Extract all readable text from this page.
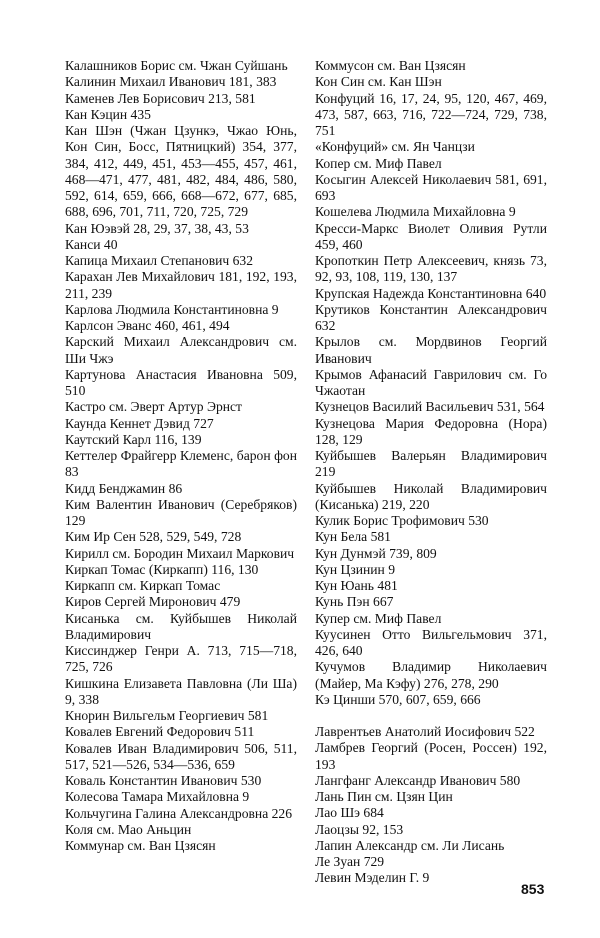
Калашников Борис см. Чжан Суйшань
Калинин Михаил Иванович 181, 383
Каменев Лев Борисович 213, 581
Кан Кэцин 435
Кан Шэн (Чжан Цзункэ, Чжао Юнь, Кон Син, Босс, Пятницкий) 354, 377, 384, 412, 449, 451, 453—455, 457, 461, 468—471, 477, 481, 482, 484, 486, 580, 592, 614, 659, 666, 668—672, 677, 685, 688, 696, 701, 711, 720, 725, 729
Кан Юэвэй 28, 29, 37, 38, 43, 53
Канси 40
Капица Михаил Степанович 632
Карахан Лев Михайлович 181, 192, 193, 211, 239
Карлова Людмила Константиновна 9
Карлсон Эванс 460, 461, 494
Карский Михаил Александрович см. Ши Чжэ
Картунова Анастасия Ивановна 509, 510
Кастро см. Эверт Артур Эрнст
Каунда Кеннет Дэвид 727
Каутский Карл 116, 139
Кеттелер Фрайгерр Клеменс, барон фон 83
Кидд Бенджамин 86
Ким Валентин Иванович (Серебряков) 129
Ким Ир Сен 528, 529, 549, 728
Кирилл см. Бородин Михаил Маркович
Киркап Томас (Киркапп) 116, 130
Киркапп см. Киркап Томас
Киров Сергей Миронович 479
Кисанька см. Куйбышев Николай Владимирович
Киссинджер Генри А. 713, 715—718, 725, 726
Кишкина Елизавета Павловна (Ли Ша) 9, 338
Кнорин Вильгельм Георгиевич 581
Ковалев Евгений Федорович 511
Ковалев Иван Владимирович 506, 511, 517, 521—526, 534—536, 659
Коваль Константин Иванович 530
Колесова Тамара Михайловна 9
Кольчугина Галина Александровна 226
Коля см. Мао Аньцин
Коммунар см. Ван Цзясян
Коммусон см. Ван Цзясян
Кон Син см. Кан Шэн
Конфуций 16, 17, 24, 95, 120, 467, 469, 473, 587, 663, 716, 722—724, 729, 738, 751
«Конфуций» см. Ян Чанцзи
Копер см. Миф Павел
Косыгин Алексей Николаевич 581, 691, 693
Кошелева Людмила Михайловна 9
Кресси-Маркс Виолет Оливия Рутли 459, 460
Кропоткин Петр Алексеевич, князь 73, 92, 93, 108, 119, 130, 137
Крупская Надежда Константиновна 640
Крутиков Константин Александрович 632
Крылов см. Мордвинов Георгий Иванович
Крымов Афанасий Гаврилович см. Го Чжаотан
Кузнецов Василий Васильевич 531, 564
Кузнецова Мария Федоровна (Нора) 128, 129
Куйбышев Валерьян Владимирович 219
Куйбышев Николай Владимирович (Кисанька) 219, 220
Кулик Борис Трофимович 530
Кун Бела 581
Кун Дунмэй 739, 809
Кун Цзинин 9
Кун Юань 481
Кунь Пэн 667
Купер см. Миф Павел
Куусинен Отто Вильгельмович 371, 426, 640
Кучумов Владимир Николаевич (Майер, Ма Кэфу) 276, 278, 290
Кэ Цинши 570, 607, 659, 666
Лаврентьев Анатолий Иосифович 522
Ламбрев Георгий (Росен, Россен) 192, 193
Лангфанг Александр Иванович 580
Лань Пин см. Цзян Цин
Лао Шэ 684
Лаоцзы 92, 153
Лапин Александр см. Ли Лисань
Ле Зуан 729
Левин Мэделин Г. 9
853
